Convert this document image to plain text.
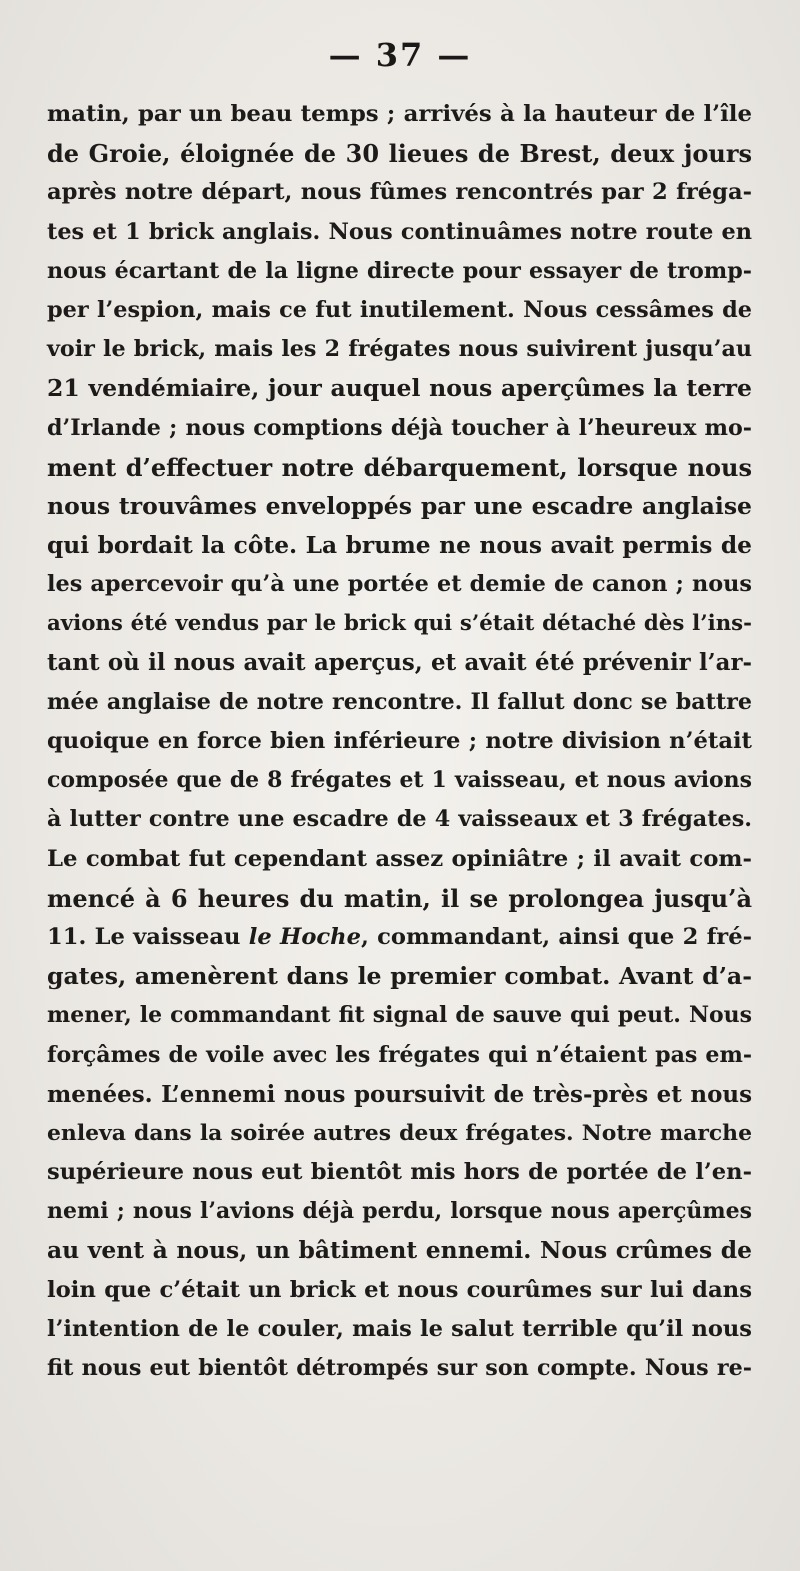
— 37 —
matin, par un beau temps ; arrivés à la hauteur de l’île
de Groie, éloignée de 30 lieues de Brest, deux jours
après notre départ, nous fûmes rencontrés par 2 frégа-
tes et 1 brick anglais. Nous continuâmes notre route en
nous écartant de la ligne directe pour essayer de tromp-
per l’espion, mais ce fut inutilement. Nous cessâmes de
voir le brick, mais les 2 frégates nous suivirent jusqu’au
21 vendémiaire, jour auquel nous aperçûmes la terre
d’Irlande ; nous comptions déjà toucher à l’heureux mo-
ment d’effectuer notre débarquement, lorsque nous
nous trouvâmes enveloppés par une escadre anglaise
qui bordait la côte. La brume ne nous avait permis de
les apercevoir qu’à une portée et demie de canon ; nous
avions été vendus par le brick qui s’était détaché dès l’ins-
tant où il nous avait aperçus, et avait été prévenir l’ar-
mée anglaise de notre rencontre. Il fallut donc se battre
quoique en force bien inférieure ; notre division n’était
composée que de 8 frégates et 1 vaisseau, et nous avions
à lutter contre une escadre de 4 vaisseaux et 3 frégates.
Le combat fut cependant assez opiniâtre ; il avait com-
mencé à 6 heures du matin, il se prolongea jusqu’à
11. Le vaisseau le Hoche, commandant, ainsi que 2 fré-
gates, amenèrent dans le premier combat. Avant d’a-
mener, le commandant fit signal de sauve qui peut. Nous
forçâmes de voile avec les frégates qui n’étaient pas em-
menées. L’ennemi nous poursuivit de très-près et nous
enleva dans la soirée autres deux frégates. Notre marche
supérieure nous eut bientôt mis hors de portée de l’en-
nemi ; nous l’avions déjà perdu, lorsque nous aperçûmes
au vent à nous, un bâtiment ennemi. Nous crûmes de
loin que c’était un brick et nous courûmes sur lui dans
l’intention de le couler, mais le salut terrible qu’il nous
fit nous eut bientôt détrompés sur son compte. Nous re-
